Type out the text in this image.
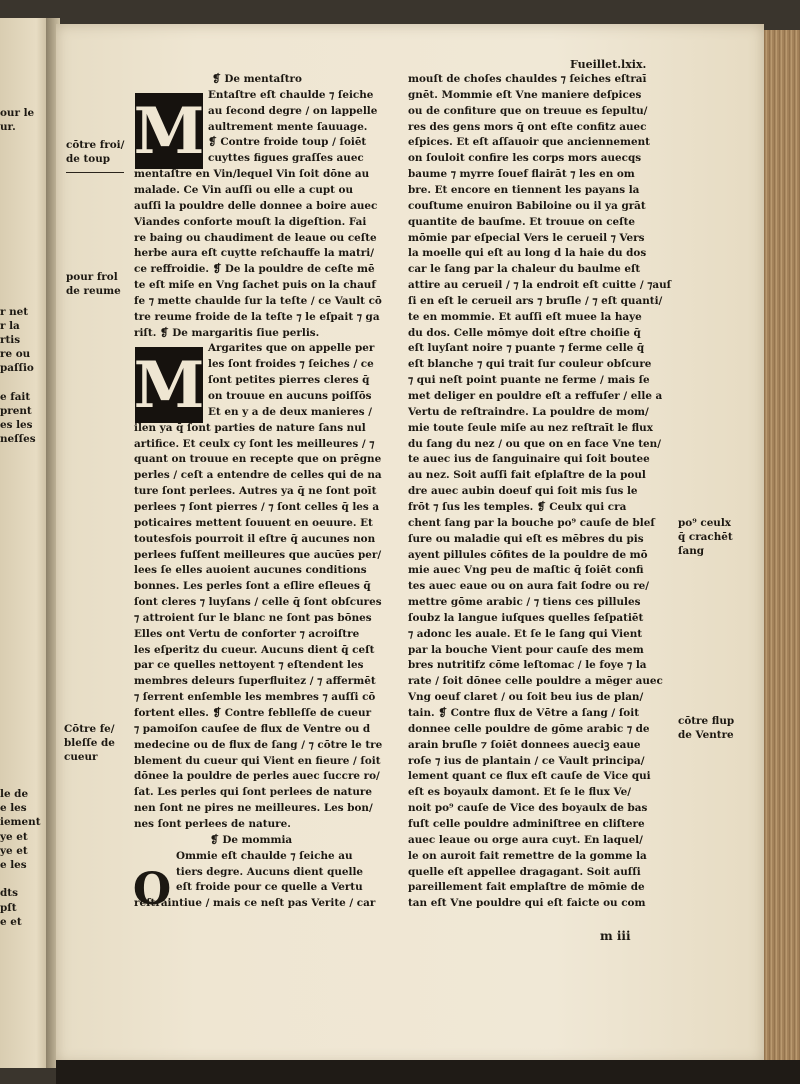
our le
ur.
r net
r la
rtis
re ou
paſſio
e fait
prent
es les
neſſes
le de
e les
iement
ye et
ye et
e les
dts
pſt
e et
Fueillet.lxix.
M
M
O
cōtre froi/
de toup
pour frol
de reume
Cōtre fe/
bleſſe de
cueur
po⁹ ceulx
q̄ crachēt
ſang
cōtre flup
de Ventre
❡ De mentaſtro
Entaſtre eſt chaulde ⁊ ſeiche
au ſecond degre / on lappelle
aultrement mente ſauuage.
❡ Contre froide toup / ſoiēt
cuyttes figues graſſes auec
mentaſtre en Vin/lequel Vin ſoit dōne au
malade. Ce Vin auſſi ou elle a cupt ou
auſſi la pouldre delle donnee a boire auec
Viandes conforte mouſt la digeſtion. Fai
re baing ou chaudiment de leaue ou ceſte
herbe aura eſt cuytte reſchauffe la matri/
ce reffroidie. ❡ De la pouldre de ceſte mē
te eſt miſe en Vng ſachet puis on la chauf
fe ⁊ mette chaulde ſur la teſte / ce Vault cō
tre reume froide de la teſte ⁊ le eſpait ⁊ ga
riſt. ❡ De margaritis ſiue perlis.
Argarites que on appelle per
les ſont froides ⁊ ſeiches / ce
ſont petites pierres cleres q̄
on trouue en aucuns poiſſōs
Et en y a de deux manieres /
ilen ya q̄ ſont parties de nature ſans nul
artifice. Et ceulx cy ſont les meilleures / ⁊
quant on trouue en recepte que on prēgne
perles / ceſt a entendre de celles qui de na
ture ſont perlees. Autres ya q̄ ne ſont poīt
perlees ⁊ ſont pierres / ⁊ ſont celles q̄ les a
poticaires mettent ſouuent en oeuure. Et
toutesfois pourroit il eſtre q̄ aucunes non
perlees fuſſent meilleures que aucūes per/
lees ſe elles auoient aucunes conditions
bonnes. Les perles ſont a eſlire eſleues q̄
ſont cleres ⁊ luyſans / celle q̄ ſont obſcures
⁊ attroient ſur le blanc ne ſont pas bōnes
Elles ont Vertu de conforter ⁊ acroiſtre
les eſperitz du cueur. Aucuns dient q̄ ceſt
par ce quelles nettoyent ⁊ eſtendent les
membres deleurs ſuperfluitez / ⁊ affermēt
⁊ ſerrent enſemble les membres ⁊ auſſi cō
fortent elles. ❡ Contre feblleſſe de cueur
⁊ pamoiſon cauſee de flux de Ventre ou d
medecine ou de flux de ſang / ⁊ cōtre le tre
blement du cueur qui Vient en fieure / ſoit
dōnee la pouldre de perles auec ſuccre ro/
ſat. Les perles qui ſont perlees de nature
nen ſont ne pires ne meilleures. Les bon/
nes ſont perlees de nature.
❡ De mommia
Ommie eſt chaulde ⁊ ſeiche au
tiers degre. Aucuns dient quelle
eſt froide pour ce quelle a Vertu
reſtraintiue / mais ce neſt pas Verite / car
mouſt de choſes chauldes ⁊ ſeiches eſtraī
gnēt. Mommie eſt Vne maniere deſpices
ou de confiture que on treuue es ſepultu/
res des gens mors q̄ ont eſte confitz auec
eſpices. Et eſt aſſauoir que anciennement
on ſouloit confire les corps mors auecqs
baume ⁊ myrre ſouef flairāt ⁊ les en om
bre. Et encore en tiennent les payans la
couſtume enuiron Babiloine ou il ya grāt
quantite de bauſme. Et trouue on ceſte
mōmie par eſpecial Vers le cerueil ⁊ Vers
la moelle qui eſt au long d la haie du dos
car le ſang par la chaleur du baulme eſt
attire au cerueil / ⁊ la endroit eſt cuitte / ⁊auſ
ſi en eſt le cerueil ars ⁊ bruſle / ⁊ eſt quanti/
te en mommie. Et auſſi eſt muee la haye
du dos. Celle mōmye doit eſtre choiſie q̄
eſt luyſant noire ⁊ puante ⁊ ferme celle q̄
eſt blanche ⁊ qui trait ſur couleur obſcure
⁊ qui neſt point puante ne ferme / mais ſe
met deliger en pouldre eſt a reffuſer / elle a
Vertu de reſtraindre. La pouldre de mom/
mie toute ſeule miſe au nez reſtraīt le flux
du ſang du nez / ou que on en face Vne ten/
te auec ius de ſanguinaire qui ſoit boutee
au nez. Soit auſſi fait eſplaſtre de la poul
dre auec aubin doeuf qui ſoit mis ſus le
frōt ⁊ ſus les temples. ❡ Ceulx qui cra
chent ſang par la bouche po⁹ cauſe de bleſ
ſure ou maladie qui eſt es mēbres du pis
ayent pillules cōfites de la pouldre de mō
mie auec Vng peu de maſtic q̄ ſoiēt confi
tes auec eaue ou on aura fait ſodre ou re/
mettre gōme arabic / ⁊ tiens ces pillules
ſoubz la langue iuſques quelles ſeſpatiēt
⁊ adonc les auale. Et ſe le ſang qui Vient
par la bouche Vient pour cauſe des mem
bres nutritifz cōme leſtomac / le foye ⁊ la
rate / ſoit dōnee celle pouldre a mēger auec
Vng oeuf claret / ou ſoit beu ius de plan/
tain. ❡ Contre flux de Vētre a ſang / ſoit
donnee celle pouldre de gōme arabic ⁊ de
arain bruſle ⁊ ſoiēt donnees aueciꝫ eaue
roſe ⁊ ius de plantain / ce Vault principa/
lement quant ce flux eſt cauſe de Vice qui
eſt es boyaulx damont. Et ſe le flux Ve/
noit po⁹ cauſe de Vice des boyaulx de bas
fuſt celle pouldre adminiſtree en cliſtere
auec leaue ou orge aura cuyt. En laquel/
le on auroit fait remettre de la gomme la
quelle eſt appellee dragagant. Soit auſſi
pareillement fait emplaſtre de mōmie de
tan eſt Vne pouldre qui eſt faicte ou com
m iii
